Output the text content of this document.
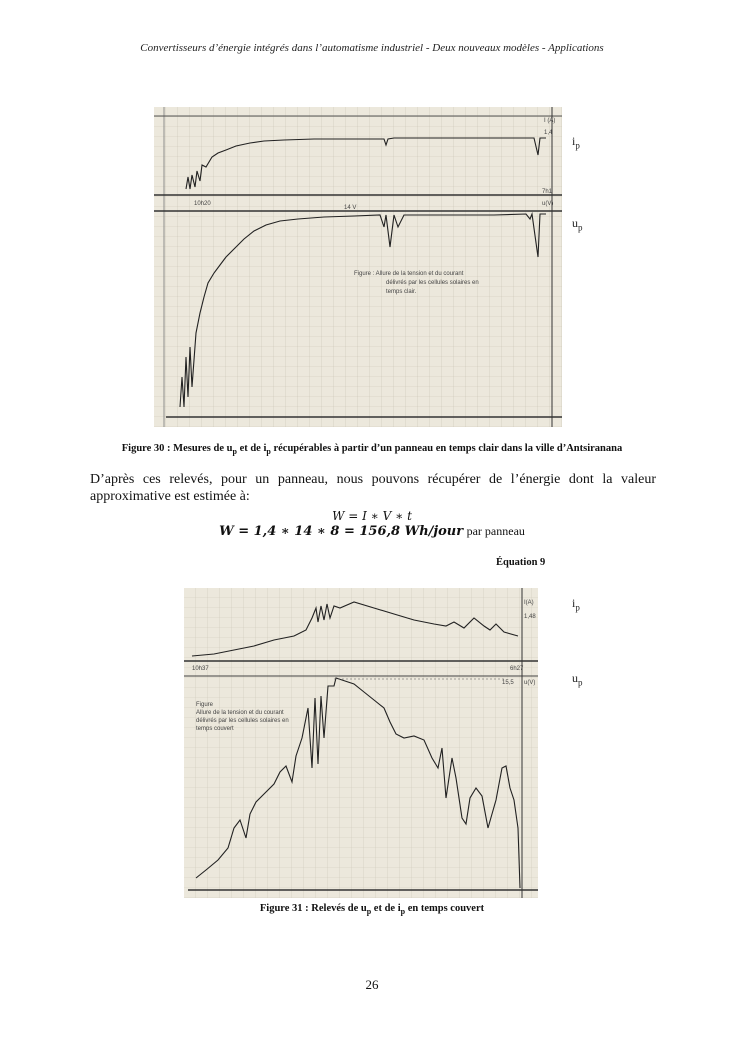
Convertisseurs d’énergie intégrés dans l’automatisme industriel - Deux nouveaux modèles - Applications
I (A)
1,4
10h20
7h1
14 V
u(V)
Figure : Allure de la tension et du courant
délivrés par les cellules solaires en
temps clair.
$i_p$
$u_p$
Figure 30 : Mesures de $u_p$ et de $i_p$ récupérables à partir d’un panneau en temps clair dans la ville d’Antsiranana
D’après ces relevés, pour un panneau, nous pouvons récupérer de l’énergie dont la valeur
approximative est estimée à:
W = I ∗ V ∗ t
W = 1,4 ∗ 14 ∗ 8 = 156,8 Wh/jour par panneau
Équation 9
I(A)
1,48
10h37	6h27
15,5 u(V)
Figure
Allure de la tension et du courant
délivrés par les cellules solaires en
temps couvert
$i_p$
$u_p$
Figure 31 : Relevés de $u_p$ et de $i_p$ en temps couvert
26
